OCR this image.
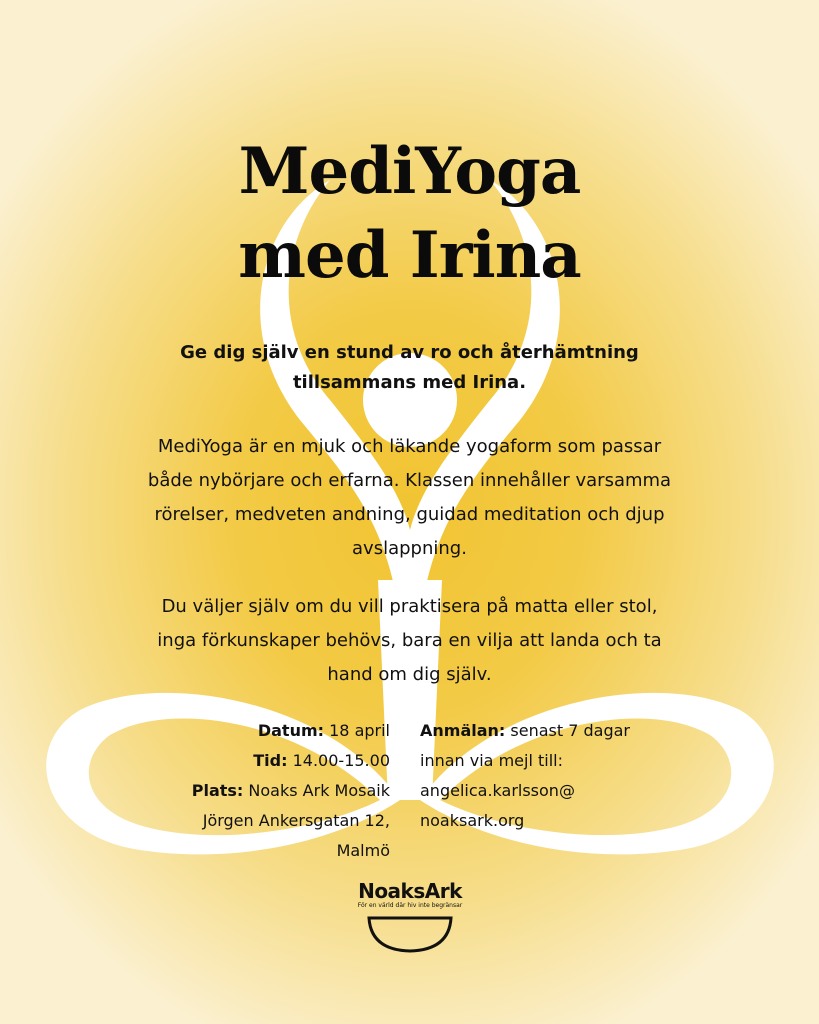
MediYoga
med Irina

Ge dig själv en stund av ro och återhämtning
tillsammans med Irina.

MediYoga är en mjuk och läkande yogaform som passar
både nybörjare och erfarna. Klassen innehåller varsamma
rörelser, medveten andning, guidad meditation och djup
avslappning.

Du väljer själv om du vill praktisera på matta eller stol,
inga förkunskaper behövs, bara en vilja att landa och ta
hand om dig själv.

Datum: 18 april
Tid: 14.00-15.00
Plats: Noaks Ark Mosaik
Jörgen Ankersgatan 12,
Malmö
Anmälan: senast 7 dagar
innan via mejl till:
angelica.karlsson@
noaksark.org
NoaksArk
För en värld där hiv inte begränsar
